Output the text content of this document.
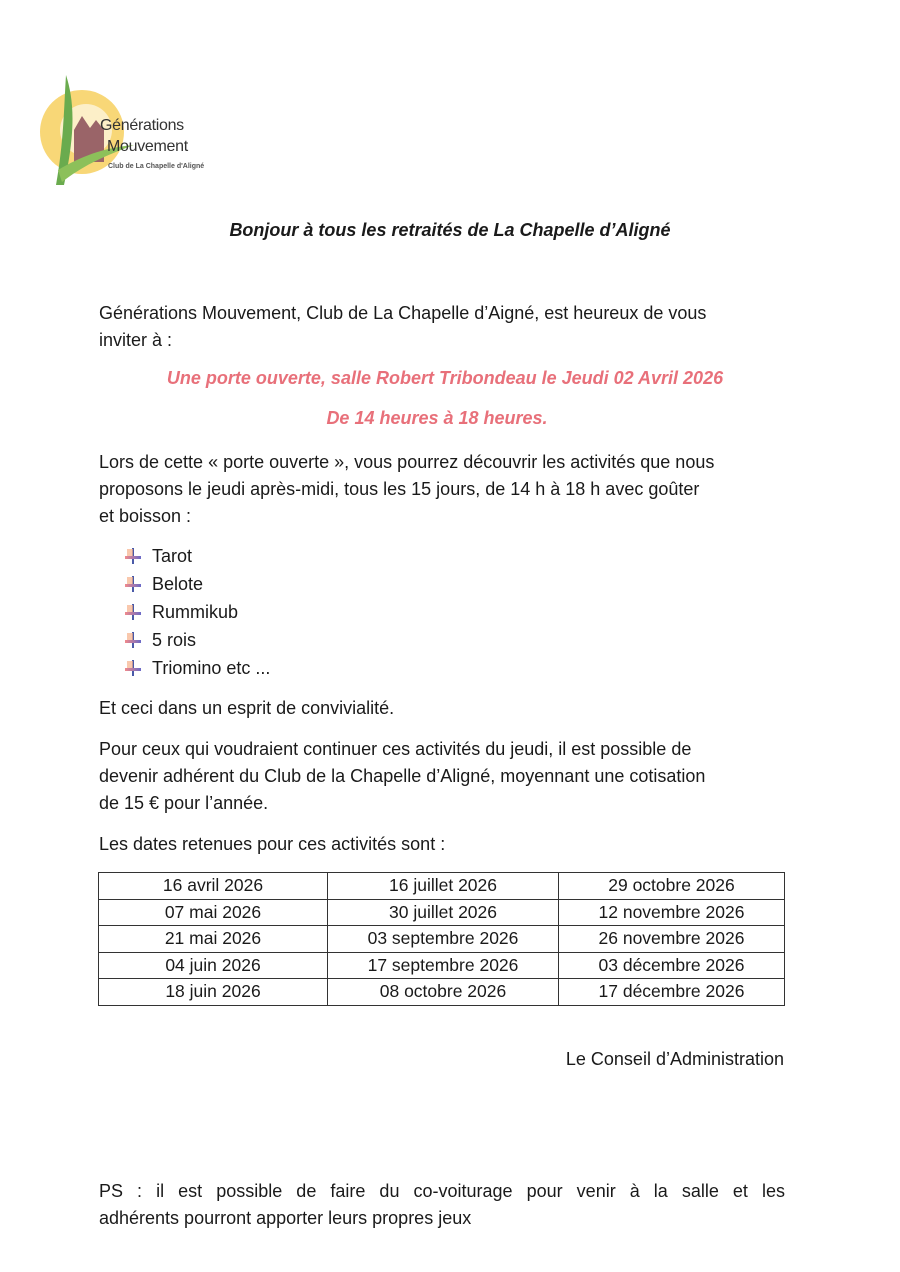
Générations
Mouvement
Club de La Chapelle d'Aligné
Bonjour à tous les retraités de La Chapelle d’Aligné
Générations Mouvement, Club de La Chapelle d’Aigné, est heureux de vous
inviter à :
Une porte ouverte, salle Robert Tribondeau le Jeudi 02 Avril 2026
De 14 heures à 18 heures.
Lors de cette « porte ouverte », vous pourrez découvrir les activités que nous
proposons le jeudi après-midi, tous les 15 jours, de 14 h à 18 h avec goûter
et boisson :
Tarot
Belote
Rummikub
5 rois
Triomino etc ...
Et ceci dans un esprit de convivialité.
Pour ceux qui voudraient continuer ces activités du jeudi, il est possible de
devenir adhérent du Club de la Chapelle d’Aligné, moyennant une cotisation
de 15 € pour l’année.
Les dates retenues pour ces activités sont :
16 avril 2026	16 juillet 2026	29 octobre 2026
07 mai 2026	30 juillet 2026	12 novembre 2026
21 mai 2026	03 septembre 2026	26 novembre 2026
04 juin 2026	17 septembre 2026	03 décembre 2026
18 juin 2026	08 octobre 2026	17 décembre 2026
Le Conseil d’Administration
PS : il est possible de faire du co-voiturage pour venir à la salle et les
adhérents pourront apporter leurs propres jeux
